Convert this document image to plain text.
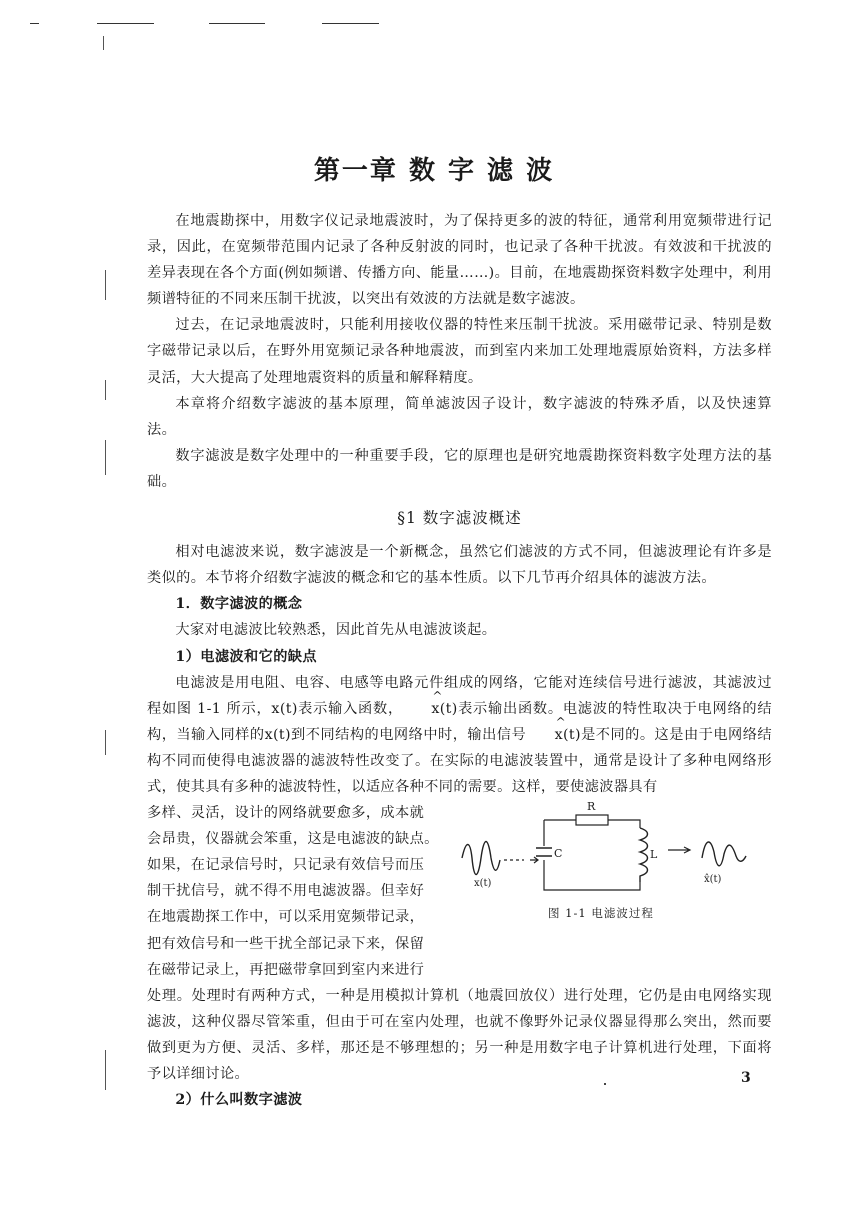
第一章 数 字 滤 波

在地震勘探中，用数字仪记录地震波时，为了保持更多的波的特征，通常利用宽频带进行记录，因此，在宽频带范围内记录了各种反射波的同时，也记录了各种干扰波。有效波和干扰波的差异表现在各个方面(例如频谱、传播方向、能量……)。目前，在地震勘探资料数字处理中，利用频谱特征的不同来压制干扰波，以突出有效波的方法就是数字滤波。

过去，在记录地震波时，只能利用接收仪器的特性来压制干扰波。采用磁带记录、特别是数字磁带记录以后，在野外用宽频记录各种地震波，而到室内来加工处理地震原始资料，方法多样灵活，大大提高了处理地震资料的质量和解释精度。

本章将介绍数字滤波的基本原理，简单滤波因子设计，数字滤波的特殊矛盾，以及快速算法。

数字滤波是数字处理中的一种重要手段，它的原理也是研究地震勘探资料数字处理方法的基础。

§1 数字滤波概述

相对电滤波来说，数字滤波是一个新概念，虽然它们滤波的方式不同，但滤波理论有许多是类似的。本节将介绍数字滤波的概念和它的基本性质。以下几节再介绍具体的滤波方法。

1．数字滤波的概念

大家对电滤波比较熟悉，因此首先从电滤波谈起。

1）电滤波和它的缺点

电滤波是用电阻、电容、电感等电路元件组成的网络，它能对连续信号进行滤波，其滤波过程如图 1-1 所示，x(t)表示输入函数， ^ x(t)表示输出函数。电滤波的特性取决于电网络的结构，当输入同样的x(t)到不同结构的电网络中时，输出信号 ^ x(t)是不同的。这是由于电网络结构不同而使得电滤波器的滤波特性改变了。在实际的电滤波装置中，通常是设计了多种电网络形式，使其具有多种的滤波特性，以适应各种不同的需要。这样，要使滤波器具有

多样、灵活，设计的网络就要愈多，成本就
会昂贵，仪器就会笨重，这是电滤波的缺点。
如果，在记录信号时，只记录有效信号而压
制干扰信号，就不得不用电滤波器。但幸好
在地震勘探工作中，可以采用宽频带记录，
把有效信号和一些干扰全部记录下来，保留
在磁带记录上，再把磁带拿回到室内来进行

处理。处理时有两种方式，一种是用模拟计算机（地震回放仪）进行处理，它仍是由电网络实现滤波，这种仪器尽管笨重，但由于可在室内处理，也就不像野外记录仪器显得那么突出，然而要做到更为方便、灵活、多样，那还是不够理想的；另一种是用数字电子计算机进行处理，下面将予以详细讨论。

2）什么叫数字滤波

R
C	L
x(t)	x̂(t)
图 1-1 电滤波过程
3
